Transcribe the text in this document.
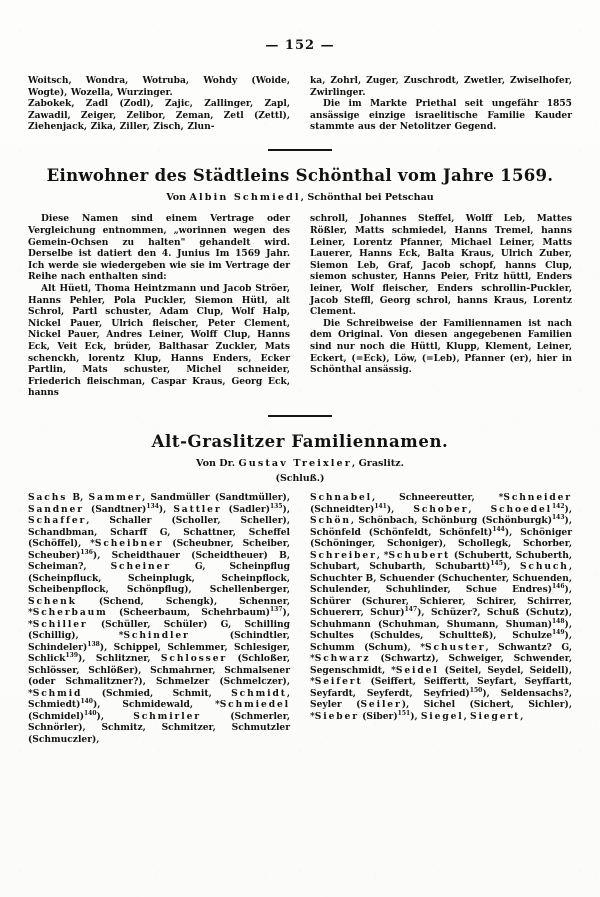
— 152 —

Woitsch, Wondra, Wotruba, Wohdy (Woide, Wogte), Wozella, Wurzinger.

Zabokek, Zadl (Zodl), Zajic, Zallinger, Zapl, Zawadil, Zeiger, Zelibor, Zeman, Zetl (Zettl), Ziehenjack, Zika, Ziller, Zisch, Zlun-

ka, Zohrl, Zuger, Zuschrodt, Zwetler, Zwiselhofer, Zwirlinger.

Die im Markte Priethal seit ungefähr 1855 ansässige einzige israelitische Familie Kauder stammte aus der Netolitzer Gegend.

Einwohner des Städtleins Schönthal vom Jahre 1569.

Von Albin Schmiedl, Schönthal bei Petschau

Diese Namen sind einem Vertrage oder Vergleichung entnommen, „worinnen wegen des Gemein-Ochsen zu halten" gehandelt wird. Derselbe ist datiert den 4. Junius Im 1569 Jahr. Ich werde sie wiedergeben wie sie im Vertrage der Reihe nach enthalten sind:

Alt Hüetl, Thoma Heintzmann und Jacob Ströer, Hanns Pehler, Pola Puckler, Siemon Hütl, alt Schrol, Partl schuster, Adam Clup, Wolf Halp, Nickel Pauer, Ulrich fleischer, Peter Clement, Nickel Pauer, Andres Leiner, Wolff Clup, Hanns Eck, Veit Eck, brüder, Balthasar Zuckler, Mats schenckh, lorentz Klup, Hanns Enders, Ecker Partlin, Mats schuster, Michel schneider, Friederich fleischman, Caspar Kraus, Georg Eck, hanns

schroll, Johannes Steffel, Wolff Leb, Mattes Rößler, Matts schmiedel, Hanns Tremel, hanns Leiner, Lorentz Pfanner, Michael Leiner, Matts Lauerer, Hanns Eck, Balta Kraus, Ulrich Zuber, Siemon Leb, Graf, Jacob schopf, hanns Clup, siemon schuster, Hanns Peier, Fritz hüttl, Enders leiner, Wolf fleischer, Enders schrollin-Puckler, Jacob Steffl, Georg schrol, hanns Kraus, Lorentz Clement.

Die Schreibweise der Familiennamen ist nach dem Original. Von diesen angegebenen Familien sind nur noch die Hüttl, Klupp, Klement, Leiner, Eckert, (=Eck), Löw, (=Leb), Pfanner (er), hier in Schönthal ansässig.

Alt-Graslitzer Familiennamen.

Von Dr. Gustav Treixler, Graslitz.

(Schluß.)

Sachs B, Sammer, Sandmüller (Sandtmüller), Sandner (Sandtner)$^{134}$), Sattler (Sadler)$^{135}$), Schaffer, Schaller (Scholler, Scheller), Schandbman, Scharff G, Schattner, Scheffel (Schöffel), *Scheibner (Scheubner, Scheiber, Scheuber)$^{136}$), Scheidthauer (Scheidtheuer) B, Scheiman?, Scheiner G, Scheinpflug (Scheinpfluck, Scheinplugk, Scheinpflock, Scheibenpflock, Schönpflug), Schellenberger, Schenk (Schend, Schengk), Schenner, *Scherbaum (Scheerbaum, Schehrbaum)$^{137}$), *Schiller (Schüller, Schüler) G, Schilling (Schillig), *Schindler (Schindtler, Schindeler)$^{138}$), Schippel, Schlemmer, Schlesiger, Schlick$^{139}$), Schlitzner, Schlosser (Schloßer, Schlösser, Schlößer), Schmahrner, Schmalsener (oder Schmalitzner?), Schmelzer (Schmelczer), *Schmid (Schmied, Schmit, Schmidt, Schmiedt)$^{140}$), Schmidewald, *Schmiedel (Schmidel)$^{140}$), Schmirler (Schmerler, Schnörler), Schmitz, Schmitzer, Schmutzler (Schmuczler),

Schnabel, Schneereutter, *Schneider (Schneidter)$^{141}$), Schober, Schoedel$^{142}$), Schön, Schönbach, Schönburg (Schönburgk)$^{143}$), Schönfeld (Schönfeldt, Schönfelt)$^{144}$), Schöniger (Schöninger, Schoniger), Schollegk, Schorber, Schreiber, *Schubert (Schubertt, Schuberth, Schubart, Schubarth, Schubartt)$^{145}$), Schuch, Schuchter B, Schuender (Schuchenter, Schuenden, Schulender, Schuhlinder, Schue Endres)$^{146}$), Schürer (Schurer, Schierer, Schirer, Schirrer, Schuererr, Schur)$^{147}$), Schüzer?, Schuß (Schutz), Schuhmann (Schuhman, Shumann, Shuman)$^{148}$), Schultes (Schuldes, Schultteß), Schulze$^{149}$), Schumm (Schum), *Schuster, Schwantz? G, *Schwarz (Schwartz), Schweiger, Schwender, Segenschmidt, *Seidel (Seitel, Seydel, Seidell), *Seifert (Seiffert, Seiffertt, Seyfart, Seyffartt, Seyfardt, Seyferdt, Seyfried)$^{150}$), Seldensachs?, Seyler (Seiler), Sichel (Sichert, Sichler), *Sieber (Siber)$^{151}$), Siegel, Siegert,
